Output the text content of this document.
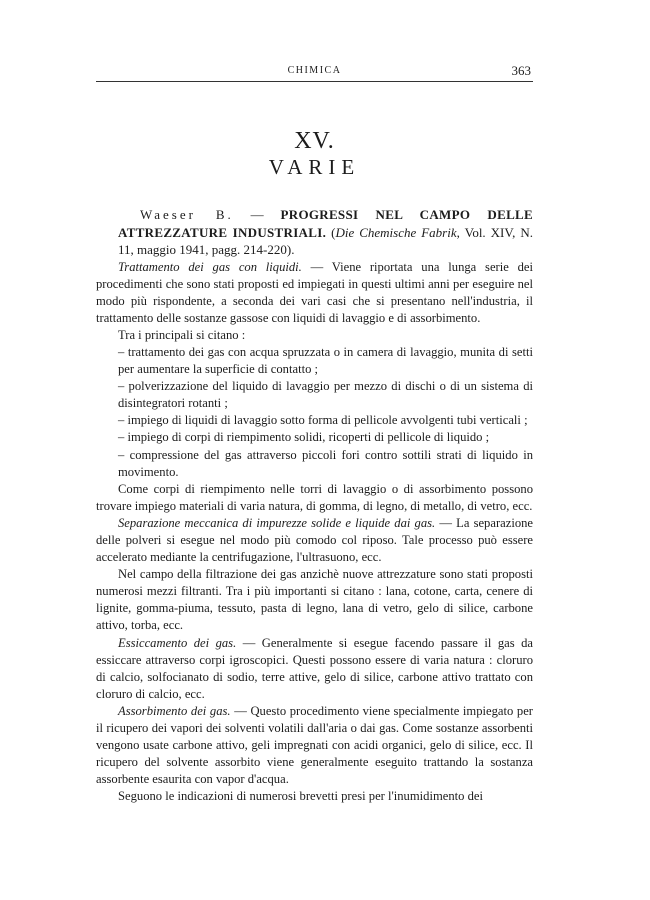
CHIMICA	363
XV.
VARIE

Waeser B. — PROGRESSI NEL CAMPO DELLE ATTREZZATURE INDUSTRIALI. (Die Chemische Fabrik, Vol. XIV, N. 11, maggio 1941, pagg. 214-220).

Trattamento dei gas con liquidi. — Viene riportata una lunga serie dei procedimenti che sono stati proposti ed impiegati in questi ultimi anni per eseguire nel modo più rispondente, a seconda dei vari casi che si presentano nell'industria, il trattamento delle sostanze gassose con liquidi di lavaggio e di assorbimento.

Tra i principali si citano :

– trattamento dei gas con acqua spruzzata o in camera di lavaggio, munita di setti per aumentare la superficie di contatto ;
– polverizzazione del liquido di lavaggio per mezzo di dischi o di un sistema di disintegratori rotanti ;
– impiego di liquidi di lavaggio sotto forma di pellicole avvolgenti tubi verticali ;
– impiego di corpi di riempimento solidi, ricoperti di pellicole di liquido ;
– compressione del gas attraverso piccoli fori contro sottili strati di liquido in movimento.

Come corpi di riempimento nelle torri di lavaggio o di assorbimento possono trovare impiego materiali di varia natura, di gomma, di legno, di metallo, di vetro, ecc.

Separazione meccanica di impurezze solide e liquide dai gas. — La separazione delle polveri si esegue nel modo più comodo col riposo. Tale processo può essere accelerato mediante la centrifugazione, l'ultrasuono, ecc.

Nel campo della filtrazione dei gas anzichè nuove attrezzature sono stati proposti numerosi mezzi filtranti. Tra i più importanti si citano : lana, cotone, carta, cenere di lignite, gomma-piuma, tessuto, pasta di legno, lana di vetro, gelo di silice, carbone attivo, torba, ecc.

Essiccamento dei gas. — Generalmente si esegue facendo passare il gas da essiccare attraverso corpi igroscopici. Questi possono essere di varia natura : cloruro di calcio, solfocianato di sodio, terre attive, gelo di silice, carbone attivo trattato con cloruro di calcio, ecc.

Assorbimento dei gas. — Questo procedimento viene specialmente impiegato per il ricupero dei vapori dei solventi volatili dall'aria o dai gas. Come sostanze assorbenti vengono usate carbone attivo, geli impregnati con acidi organici, gelo di silice, ecc. Il ricupero del solvente assorbito viene generalmente eseguito trattando la sostanza assorbente esaurita con vapor d'acqua.

Seguono le indicazioni di numerosi brevetti presi per l'inumidimento dei
